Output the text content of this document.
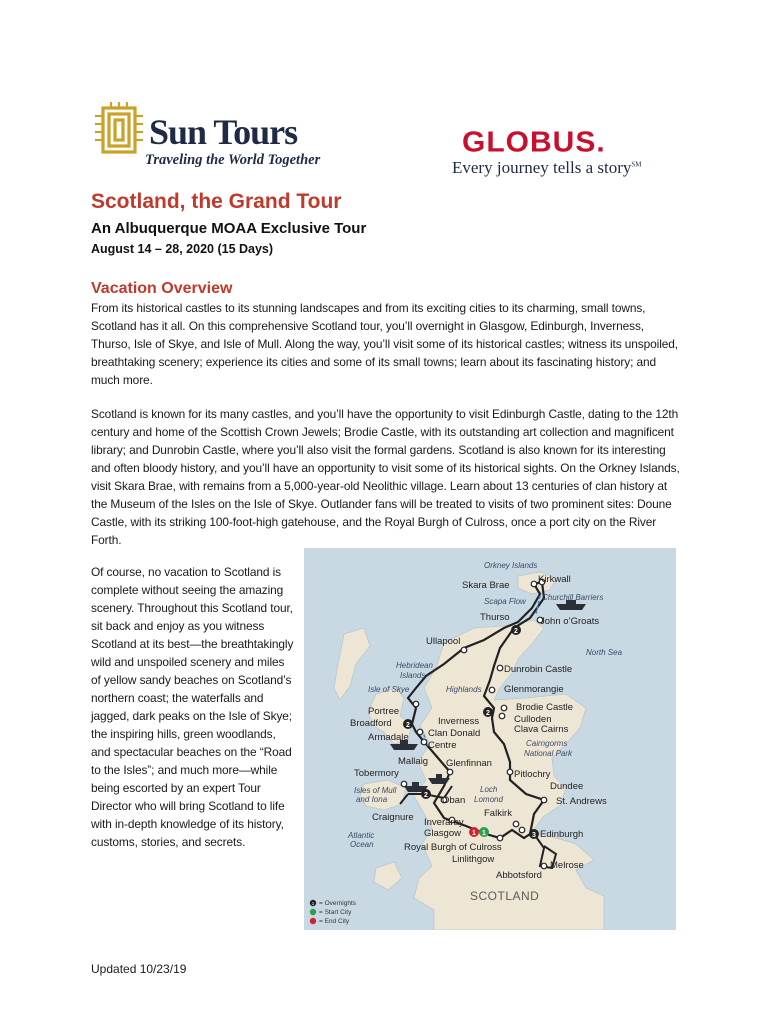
Sun Tours
Traveling the World Together
GLOBUS.
Every journey tells a story℠
Scotland, the Grand Tour
An Albuquerque MOAA Exclusive Tour

August 14 – 28, 2020 (15 Days)

Vacation Overview

From its historical castles to its stunning landscapes and from its exciting cities to its charming, small towns, Scotland has it all. On this comprehensive Scotland tour, you’ll overnight in Glasgow, Edinburgh, Inverness, Thurso, Isle of Skye, and Isle of Mull. Along the way, you’ll visit some of its historical castles; witness its unspoiled, breathtaking scenery; experience its cities and some of its small towns; learn about its fascinating history; and much more.

Scotland is known for its many castles, and you’ll have the opportunity to visit Edinburgh Castle, dating to the 12th century and home of the Scottish Crown Jewels; Brodie Castle, with its outstanding art collection and magnificent library; and Dunrobin Castle, where you’ll also visit the formal gardens. Scotland is also known for its interesting and often bloody history, and you’ll have an opportunity to visit some of its historical sights. On the Orkney Islands, visit Skara Brae, with remains from a 5,000-year-old Neolithic village. Learn about 13 centuries of clan history at the Museum of the Isles on the Isle of Skye. Outlander fans will be treated to visits of two prominent sites: Doune Castle, with its striking 100-foot-high gatehouse, and the Royal Burgh of Culross, once a port city on the River Forth.

Of course, no vacation to Scotland is complete without seeing the amazing scenery. Throughout this Scotland tour, sit back and enjoy as you witness Scotland at its best—the breathtakingly wild and unspoiled scenery and miles of yellow sandy beaches on Scotland’s northern coast; the waterfalls and jagged, dark peaks on the Isle of Skye; the inspiring hills, green woodlands, and spectacular beaches on the “Road to the Isles”; and much more—while being escorted by an expert Tour Director who will bring Scotland to life with in-depth knowledge of its history, customs, stories, and secrets.

2
2
2
2
3
1 1
Orkney Islands
Skara Brae
Kirkwall
Churchill Barriers
Scapa Flow
Thurso	John o’Groats
Ullapool
North Sea
Hebridean
Islands
Dunrobin Castle
Isle of Skye	Highlands Glenmorangie
Portree	Brodie Castle
Culloden
Broadford	Inverness
Clava Cairns
Armadale Clan Donald
Centre	Cairngorms
National Park
Mallaig Glenfinnan
Pitlochry
Tobermory
Dundee
Isles of Mull
and Iona	Oban
Loch
Lomond	St. Andrews
Falkirk
Craignure Inveraray
Atlantic
Ocean
Glasgow	Edinburgh
Royal Burgh of Culross
Linlithgow
Melrose
Abbotsford
SCOTLAND
1 = Overnights
= Start City
= End City

Updated 10/23/19
